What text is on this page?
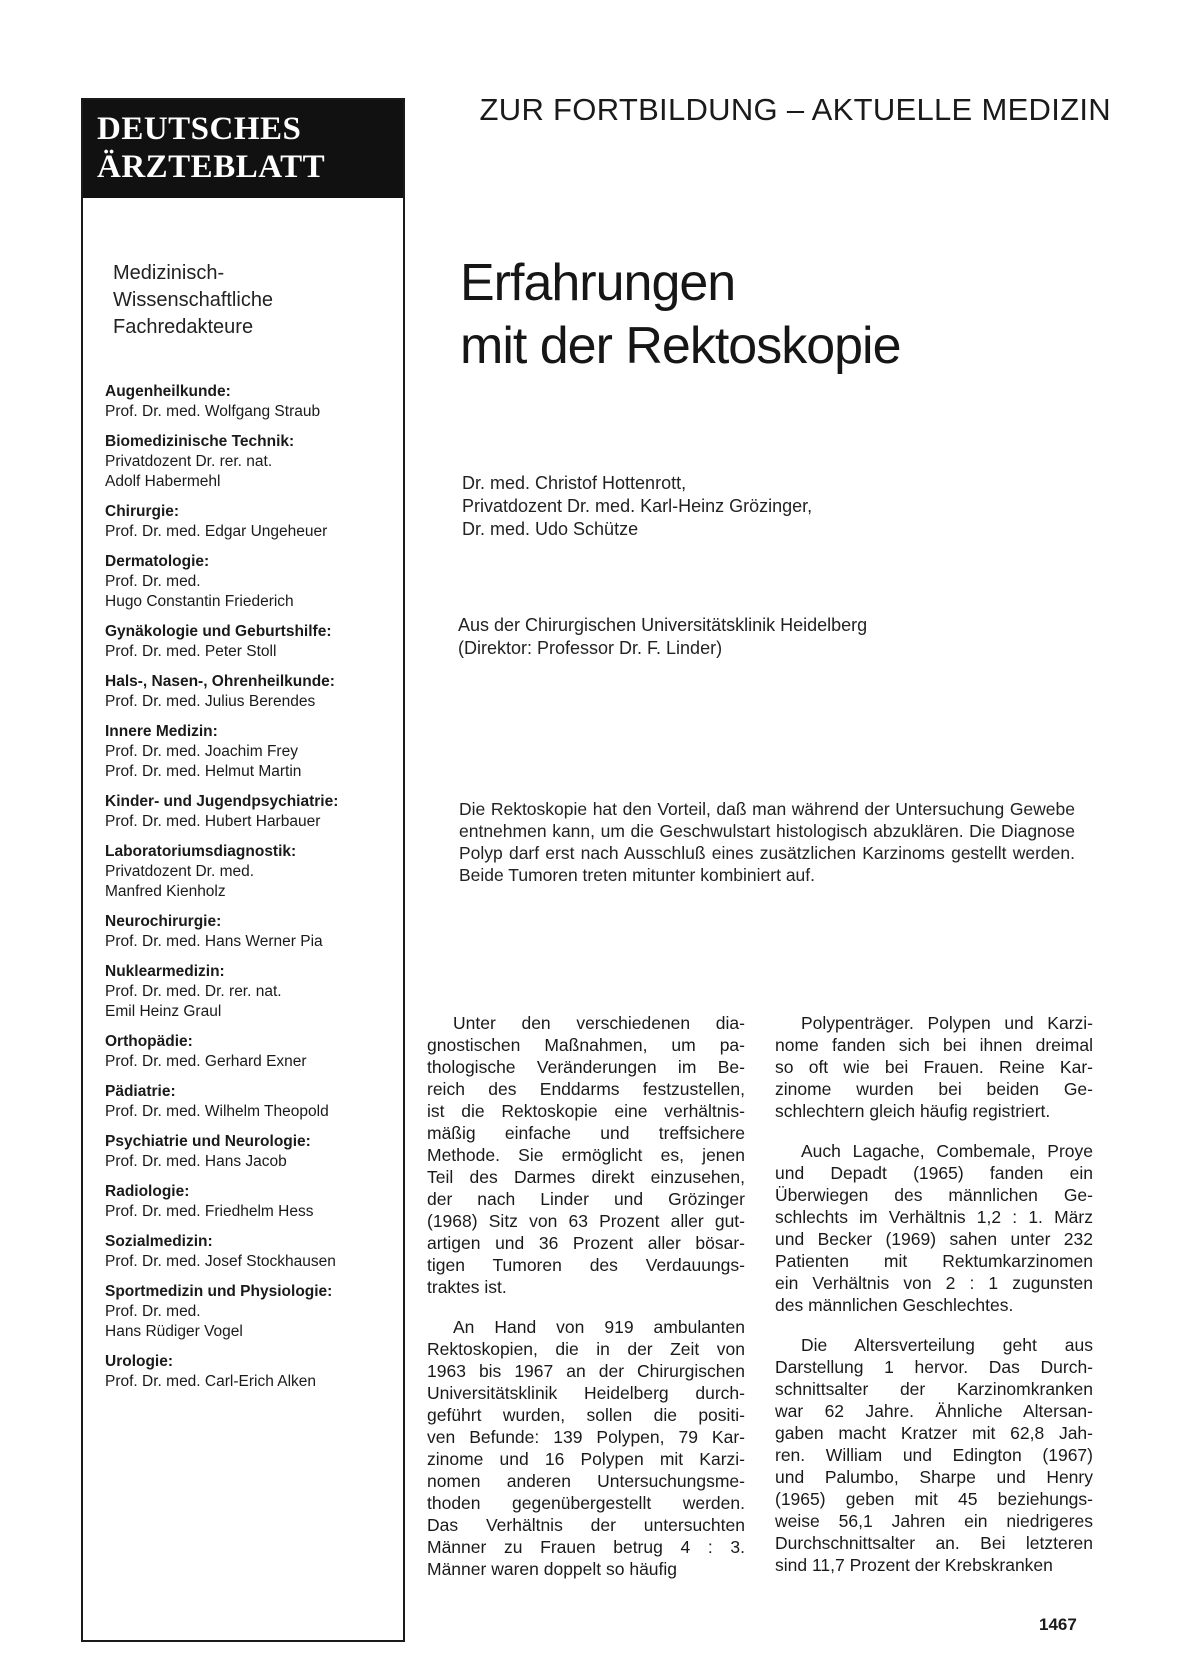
DEUTSCHES
ÄRZTEBLATT
Medizinisch-
Wissenschaftliche
Fachredakteure
Augenheilkunde:
Prof. Dr. med. Wolfgang Straub
Biomedizinische Technik:
Privatdozent Dr. rer. nat.
Adolf Habermehl
Chirurgie:
Prof. Dr. med. Edgar Ungeheuer
Dermatologie:
Prof. Dr. med.
Hugo Constantin Friederich
Gynäkologie und Geburtshilfe:
Prof. Dr. med. Peter Stoll
Hals-, Nasen-, Ohrenheilkunde:
Prof. Dr. med. Julius Berendes
Innere Medizin:
Prof. Dr. med. Joachim Frey
Prof. Dr. med. Helmut Martin
Kinder- und Jugendpsychiatrie:
Prof. Dr. med. Hubert Harbauer
Laboratoriumsdiagnostik:
Privatdozent Dr. med.
Manfred Kienholz
Neurochirurgie:
Prof. Dr. med. Hans Werner Pia
Nuklearmedizin:
Prof. Dr. med. Dr. rer. nat.
Emil Heinz Graul
Orthopädie:
Prof. Dr. med. Gerhard Exner
Pädiatrie:
Prof. Dr. med. Wilhelm Theopold
Psychiatrie und Neurologie:
Prof. Dr. med. Hans Jacob
Radiologie:
Prof. Dr. med. Friedhelm Hess
Sozialmedizin:
Prof. Dr. med. Josef Stockhausen
Sportmedizin und Physiologie:
Prof. Dr. med.
Hans Rüdiger Vogel
Urologie:
Prof. Dr. med. Carl-Erich Alken
ZUR FORTBILDUNG – AKTUELLE MEDIZIN
Erfahrungen
mit der Rektoskopie
Dr. med. Christof Hottenrott,
Privatdozent Dr. med. Karl-Heinz Grözinger,
Dr. med. Udo Schütze
Aus der Chirurgischen Universitätsklinik Heidelberg
(Direktor: Professor Dr. F. Linder)
Die Rektoskopie hat den Vorteil, daß man während der Untersuchung Gewebe entnehmen kann, um die Geschwulstart histologisch abzuklären. Die Diagnose Polyp darf erst nach Ausschluß eines zusätzlichen Karzinoms gestellt werden. Beide Tumoren treten mitunter kombiniert auf.

Unter den verschiedenen dia-
gnostischen Maßnahmen, um pa-
thologische Veränderungen im Be-
reich des Enddarms festzustellen,
ist die Rektoskopie eine verhältnis-
mäßig einfache und treffsichere
Methode. Sie ermöglicht es, jenen
Teil des Darmes direkt einzusehen,
der nach Linder und Grözinger
(1968) Sitz von 63 Prozent aller gut-
artigen und 36 Prozent aller bösar-
tigen Tumoren des Verdauungs-
traktes ist.

An Hand von 919 ambulanten
Rektoskopien, die in der Zeit von
1963 bis 1967 an der Chirurgischen
Universitätsklinik Heidelberg durch-
geführt wurden, sollen die positi-
ven Befunde: 139 Polypen, 79 Kar-
zinome und 16 Polypen mit Karzi-
nomen anderen Untersuchungsme-
thoden gegenübergestellt werden.
Das Verhältnis der untersuchten
Männer zu Frauen betrug 4 : 3.
Männer waren doppelt so häufig

Polypenträger. Polypen und Karzi-
nome fanden sich bei ihnen dreimal
so oft wie bei Frauen. Reine Kar-
zinome wurden bei beiden Ge-
schlechtern gleich häufig registriert.

Auch Lagache, Combemale, Proye
und Depadt (1965) fanden ein
Überwiegen des männlichen Ge-
schlechts im Verhältnis 1,2 : 1. März
und Becker (1969) sahen unter 232
Patienten mit Rektumkarzinomen
ein Verhältnis von 2 : 1 zugunsten
des männlichen Geschlechtes.

Die Altersverteilung geht aus
Darstellung 1 hervor. Das Durch-
schnittsalter der Karzinomkranken
war 62 Jahre. Ähnliche Altersan-
gaben macht Kratzer mit 62,8 Jah-
ren. William und Edington (1967)
und Palumbo, Sharpe und Henry
(1965) geben mit 45 beziehungs-
weise 56,1 Jahren ein niedrigeres
Durchschnittsalter an. Bei letzteren
sind 11,7 Prozent der Krebskranken

1467
